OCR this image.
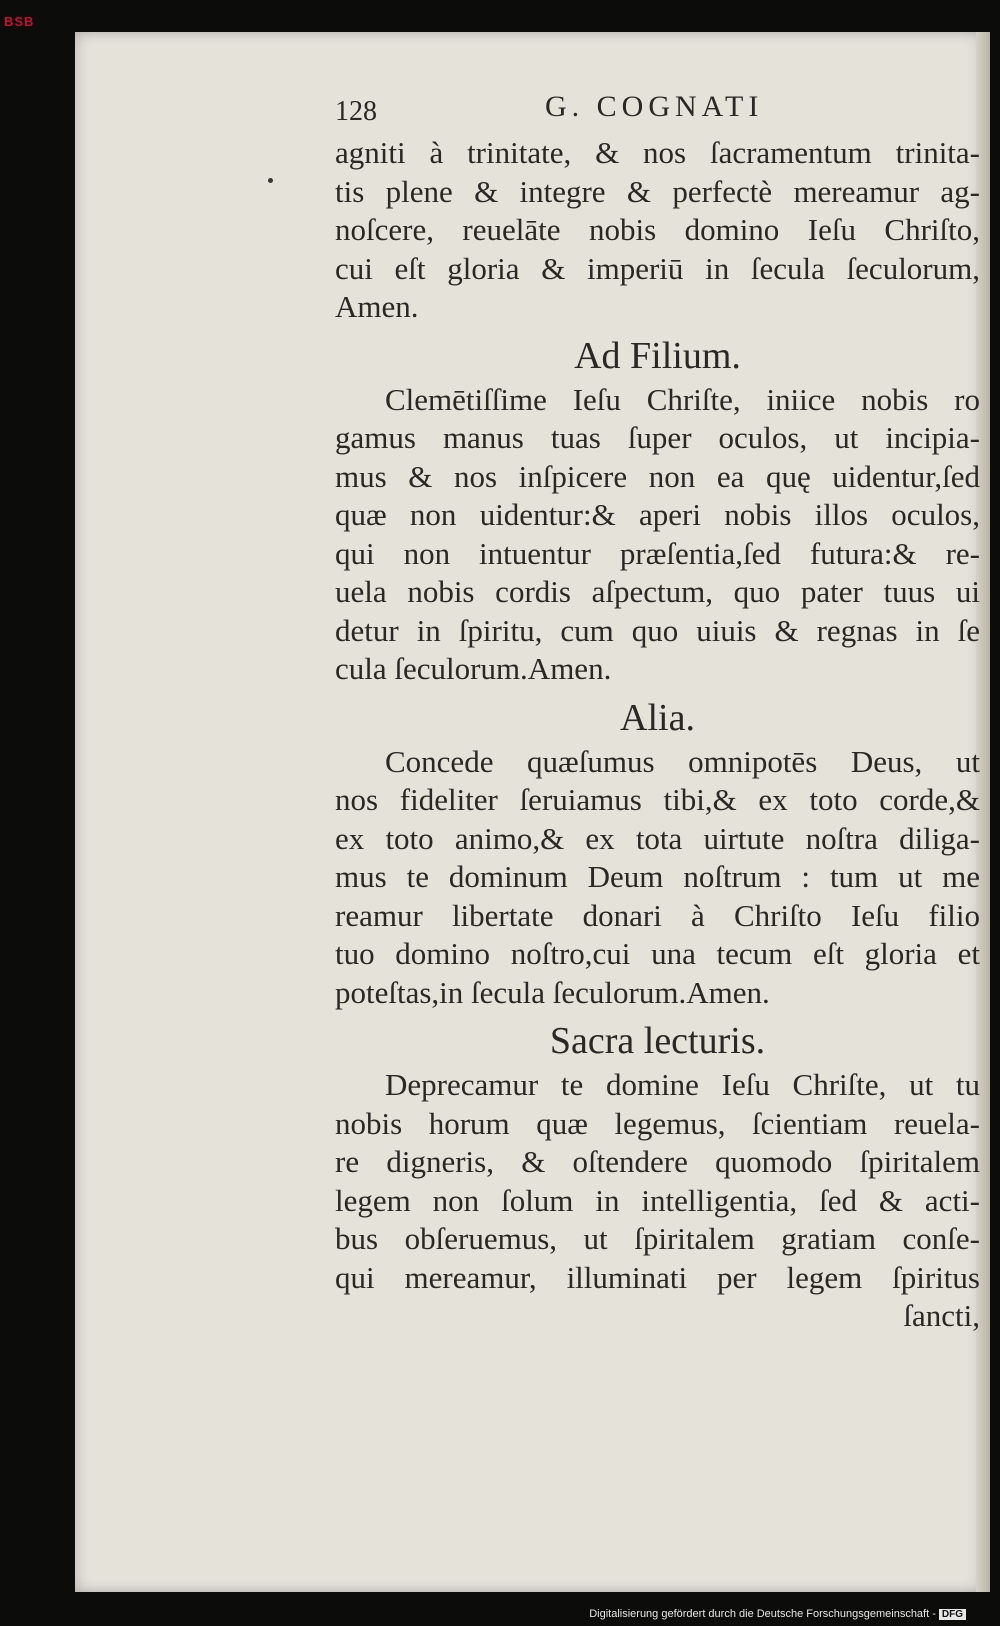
BSB
128	G. COGNATI
agniti à trinitate, & nos ſacramentum trinita-
tis plene & integre & perfectè mereamur ag-
noſcere, reuelāte nobis domino Ieſu Chriſto,
cui eſt gloria & imperiū in ſecula ſeculorum,
Amen.
Ad Filium.
Clemētiſſime Ieſu Chriſte, iniice nobis ro
gamus manus tuas ſuper oculos, ut incipia-
mus & nos inſpicere non ea quę uidentur,ſed
quæ non uidentur:& aperi nobis illos oculos,
qui non intuentur præſentia,ſed futura:& re-
uela nobis cordis aſpectum, quo pater tuus ui
detur in ſpiritu, cum quo uiuis & regnas in ſe
cula ſeculorum.Amen.
Alia.
Concede quæſumus omnipotēs Deus, ut
nos fideliter ſeruiamus tibi,& ex toto corde,&
ex toto animo,& ex tota uirtute noſtra diliga-
mus te dominum Deum noſtrum : tum ut me
reamur libertate donari à Chriſto Ieſu filio
tuo domino noſtro,cui una tecum eſt gloria et
poteſtas,in ſecula ſeculorum.Amen.
Sacra lecturis.
Deprecamur te domine Ieſu Chriſte, ut tu
nobis horum quæ legemus, ſcientiam reuela-
re digneris, & oſtendere quomodo ſpiritalem
legem non ſolum in intelligentia, ſed & acti-
bus obſeruemus, ut ſpiritalem gratiam conſe-
qui mereamur, illuminati per legem ſpiritus
ſancti,
Digitalisierung gefördert durch die Deutsche Forschungsgemeinschaft - DFG
